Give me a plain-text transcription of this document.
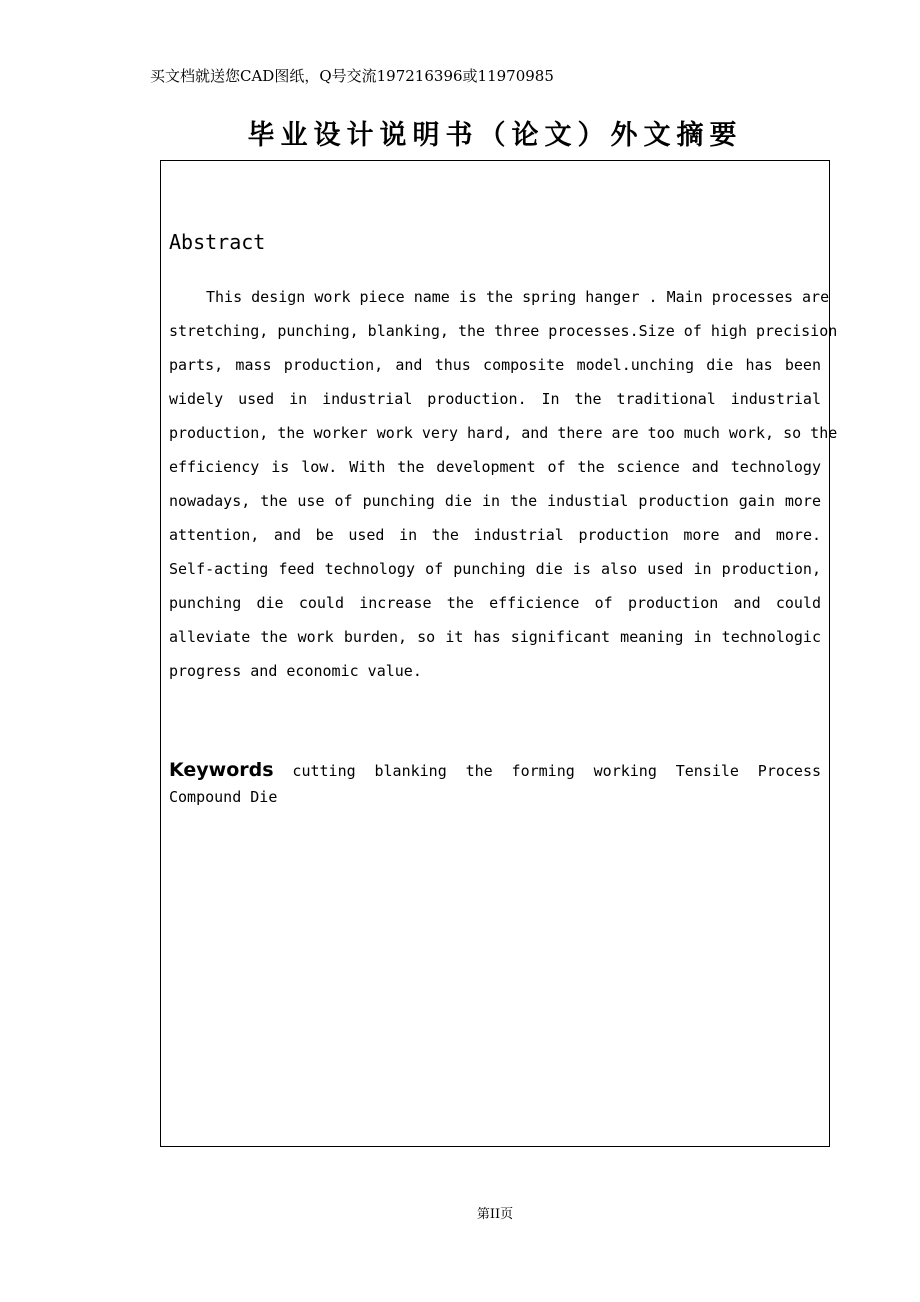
买文档就送您CAD图纸，Q号交流197216396或11970985
毕业设计说明书（论文）外文摘要
Abstract
This design work piece name is the spring hanger . Main processes are
stretching, punching, blanking, the three processes.Size of high precision
parts, mass production, and thus composite model.unching die has been
widely used in industrial production. In the traditional industrial
production, the worker work very hard, and there are too much work, so the
efficiency is low. With the development of the science and technology
nowadays, the use of punching die in the industial production gain more
attention, and be used in the industrial production more and more.
Self-acting feed technology of punching die is also used in production,
punching die could increase the efficience of production and could
alleviate the work burden, so it has significant meaning in technologic
progress and economic value.
Keywords cutting blanking the forming working Tensile Process
Compound Die
第II页
